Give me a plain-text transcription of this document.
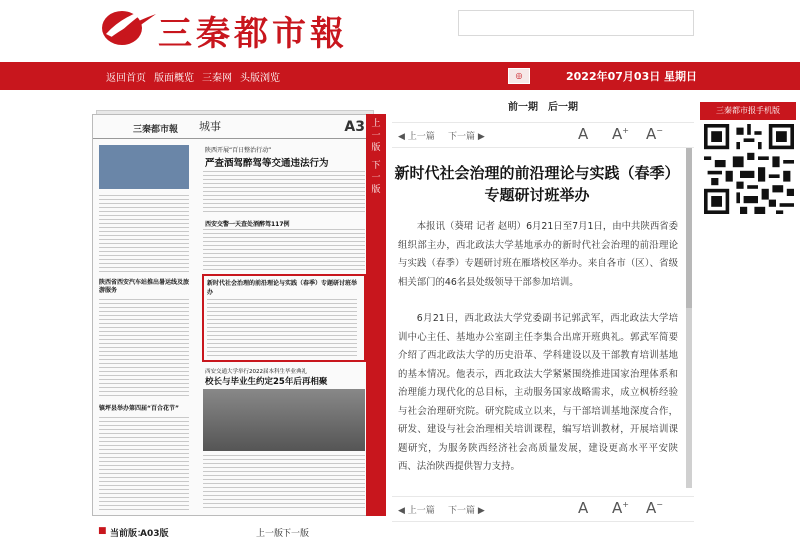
三秦都市報
返回首页 版面概览 三秦网 头版浏览	◎	2022年07月03日 星期日
前一期 后一期
三秦都市報 城事	A3
陕西省西安汽车站推出暑运线及旅游服务
镇坪县举办第四届“百合花节”
陕西开展“百日整治行动”
严查酒驾醉驾等交通违法行为
西安交警一天查处酒醉驾117例
新时代社会治理的前沿理论与实践（春季）专题研讨班举办
西安交通大学举行2022届本科生毕业典礼
校长与毕业生约定25年后再相聚
上
一
版
下
一
版
◀ 上一篇 下一篇 ▶	A A+ A−
新时代社会治理的前沿理论与实践（春季）专题研讨班举办

本报讯（葵珺 记者 赵明）6月21日至7月1日，由中共陕西省委组织部主办，西北政法大学基地承办的新时代社会治理的前沿理论与实践（春季）专题研讨班在雁塔校区举办。来自各市（区）、省级相关部门的46名县处级领导干部参加培训。

6月21日，西北政法大学党委副书记郭武军，西北政法大学培训中心主任、基地办公室副主任李集合出席开班典礼。郭武军简要介绍了西北政法大学的历史沿革、学科建设以及干部教育培训基地的基本情况。他表示，西北政法大学紧紧围绕推进国家治理体系和治理能力现代化的总目标，主动服务国家战略需求，成立枫桥经验与社会治理研究院。研究院成立以来，与干部培训基地深度合作，研发、建设与社会治理相关培训课程，编写培训教材，开展培训课题研究，为服务陕西经济社会高质量发展，建设更高水平平安陕西、法治陕西提供智力支持。

◀ 上一篇 下一篇 ▶	A A+ A−
三秦都市报手机版
■ 当前版：
A03版	上一版
下一版
